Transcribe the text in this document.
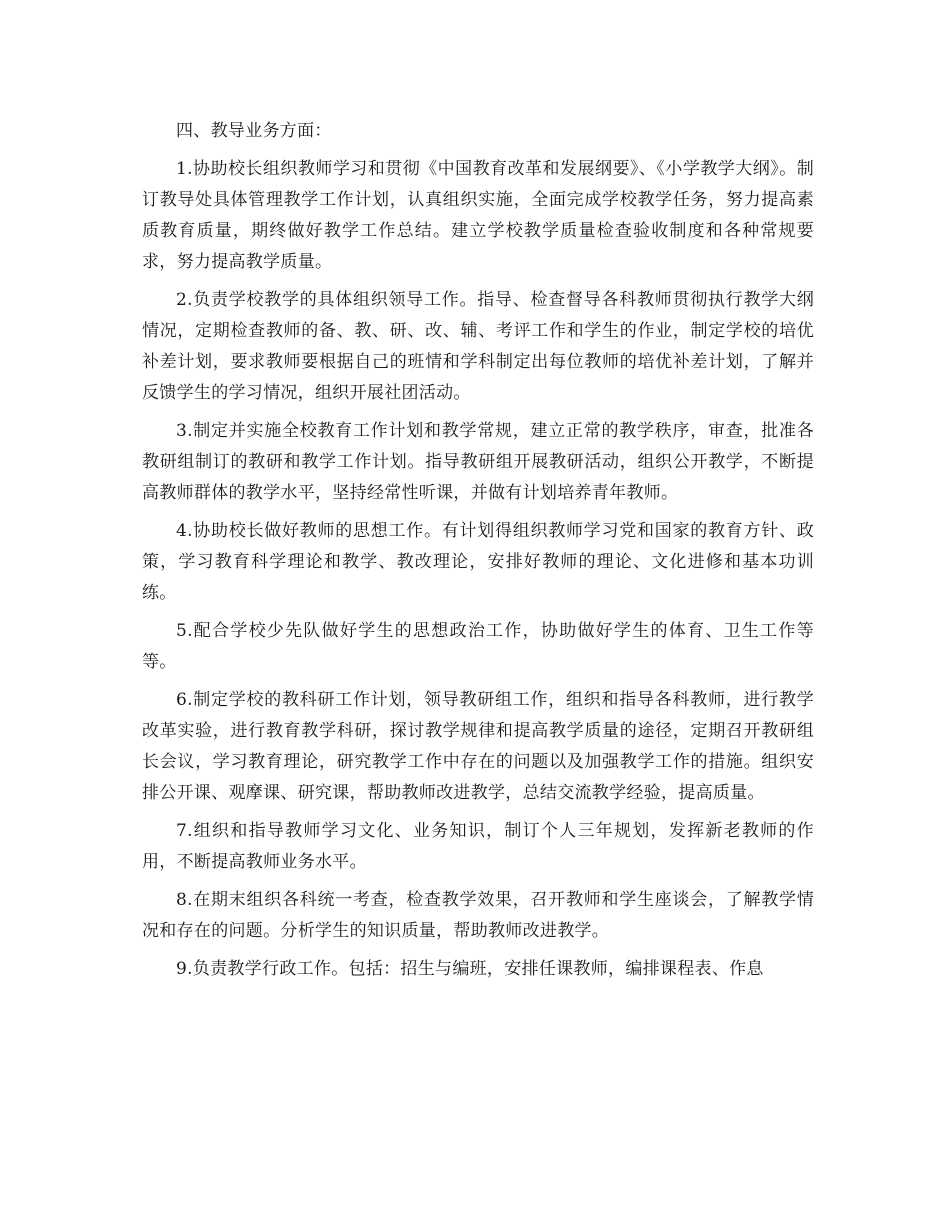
四、教导业务方面：

1.协助校长组织教师学习和贯彻《中国教育改革和发展纲要》、《小学教学大纲》。制订教导处具体管理教学工作计划，认真组织实施，全面完成学校教学任务，努力提高素质教育质量，期终做好教学工作总结。建立学校教学质量检查验收制度和各种常规要求，努力提高教学质量。

2.负责学校教学的具体组织领导工作。指导、检查督导各科教师贯彻执行教学大纲情况，定期检查教师的备、教、研、改、辅、考评工作和学生的作业，制定学校的培优补差计划，要求教师要根据自己的班情和学科制定出每位教师的培优补差计划，了解并反馈学生的学习情况，组织开展社团活动。

3.制定并实施全校教育工作计划和教学常规，建立正常的教学秩序，审查，批准各教研组制订的教研和教学工作计划。指导教研组开展教研活动，组织公开教学，不断提高教师群体的教学水平，坚持经常性听课，并做有计划培养青年教师。

4.协助校长做好教师的思想工作。有计划得组织教师学习党和国家的教育方针、政策，学习教育科学理论和教学、教改理论，安排好教师的理论、文化进修和基本功训练。

5.配合学校少先队做好学生的思想政治工作，协助做好学生的体育、卫生工作等等。

6.制定学校的教科研工作计划，领导教研组工作，组织和指导各科教师，进行教学改革实验，进行教育教学科研，探讨教学规律和提高教学质量的途径，定期召开教研组长会议，学习教育理论，研究教学工作中存在的问题以及加强教学工作的措施。组织安排公开课、观摩课、研究课，帮助教师改进教学，总结交流教学经验，提高质量。

7.组织和指导教师学习文化、业务知识，制订个人三年规划，发挥新老教师的作用，不断提高教师业务水平。

8.在期末组织各科统一考查，检查教学效果，召开教师和学生座谈会，了解教学情况和存在的问题。分析学生的知识质量，帮助教师改进教学。

9.负责教学行政工作。包括：招生与编班，安排任课教师，编排课程表、作息
